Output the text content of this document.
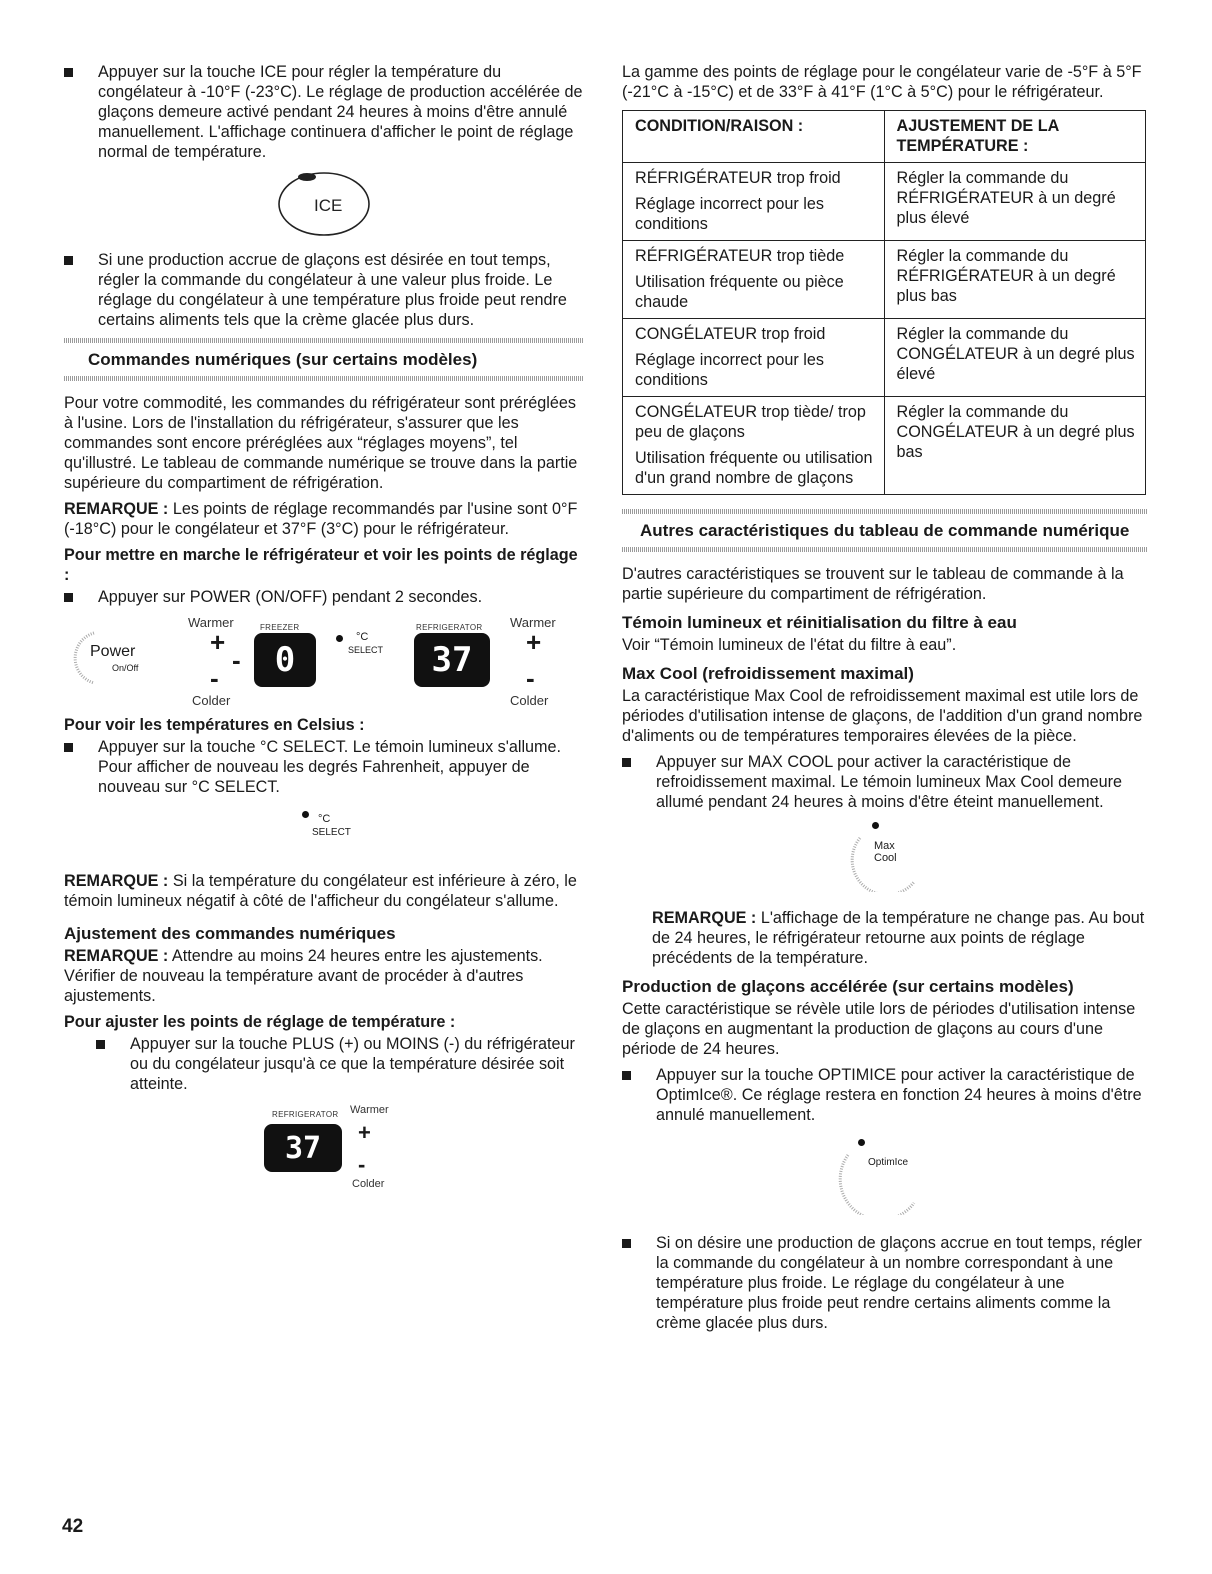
Appuyer sur la touche ICE pour régler la température du congélateur à -10°F (-23°C). Le réglage de production accélérée de glaçons demeure activé pendant 24 heures à moins d'être annulé manuellement. L'affichage continuera d'afficher le point de réglage normal de température.
ICE
Si une production accrue de glaçons est désirée en tout temps, régler la commande du congélateur à une valeur plus froide. Le réglage du congélateur à une température plus froide peut rendre certains aliments tels que la crème glacée plus durs.
Commandes numériques (sur certains modèles)

Pour votre commodité, les commandes du réfrigérateur sont préréglées à l'usine. Lors de l'installation du réfrigérateur, s'assurer que les commandes sont encore préréglées aux “réglages moyens”, tel qu'illustré. Le tableau de commande numérique se trouve dans la partie supérieure du compartiment de réfrigération.

REMARQUE : Les points de réglage recommandés par l'usine sont 0°F (-18°C) pour le congélateur et 37°F (3°C) pour le réfrigérateur.

Pour mettre en marche le réfrigérateur et voir les points de réglage :
Appuyer sur POWER (ON/OFF) pendant 2 secondes.
Warmer	FREEZER	REFRIGERATOR Warmer
Power
On/Off
+
-
-	0
°C
SELECT	37	+
-
Colder	Colder
Pour voir les températures en Celsius :
Appuyer sur la touche °C SELECT. Le témoin lumineux s'allume. Pour afficher de nouveau les degrés Fahrenheit, appuyer de nouveau sur °C SELECT.
°C
SELECT

REMARQUE : Si la température du congélateur est inférieure à zéro, le témoin lumineux négatif à côté de l'afficheur du congélateur s'allume.

Ajustement des commandes numériques

REMARQUE : Attendre au moins 24 heures entre les ajustements. Vérifier de nouveau la température avant de procéder à d'autres ajustements.

Pour ajuster les points de réglage de température :
Appuyer sur la touche PLUS (+) ou MOINS (-) du réfrigérateur ou du congélateur jusqu'à ce que la température désirée soit atteinte.
REFRIGERATOR Warmer
37	+
-
Colder

La gamme des points de réglage pour le congélateur varie de -5°F à 5°F (-21°C à -15°C) et de 33°F à 41°F (1°C à 5°C) pour le réfrigérateur.

CONDITION/RAISON :	AJUSTEMENT DE LA TEMPÉRATURE :

RÉFRIGÉRATEUR trop froid
Réglage incorrect pour les conditions	Régler la commande du RÉFRIGÉRATEUR à un degré plus élevé

RÉFRIGÉRATEUR trop tiède
Utilisation fréquente ou pièce chaude	Régler la commande du RÉFRIGÉRATEUR à un degré plus bas

CONGÉLATEUR trop froid
Réglage incorrect pour les conditions	Régler la commande du CONGÉLATEUR à un degré plus élevé

CONGÉLATEUR trop tiède/ trop peu de glaçons
Utilisation fréquente ou utilisation d'un grand nombre de glaçons	Régler la commande du CONGÉLATEUR à un degré plus bas
Autres caractéristiques du tableau de commande numérique

D'autres caractéristiques se trouvent sur le tableau de commande à la partie supérieure du compartiment de réfrigération.

Témoin lumineux et réinitialisation du filtre à eau

Voir “Témoin lumineux de l'état du filtre à eau”.

Max Cool (refroidissement maximal)

La caractéristique Max Cool de refroidissement maximal est utile lors de périodes d'utilisation intense de glaçons, de l'addition d'un grand nombre d'aliments ou de températures temporaires élevées de la pièce.

Appuyer sur MAX COOL pour activer la caractéristique de refroidissement maximal. Le témoin lumineux Max Cool demeure allumé pendant 24 heures à moins d'être éteint manuellement.
Max
Cool

REMARQUE : L'affichage de la température ne change pas. Au bout de 24 heures, le réfrigérateur retourne aux points de réglage précédents de la température.

Production de glaçons accélérée (sur certains modèles)

Cette caractéristique se révèle utile lors de périodes d'utilisation intense de glaçons en augmentant la production de glaçons au cours d'une période de 24 heures.

Appuyer sur la touche OPTIMICE pour activer la caractéristique de OptimIce®. Ce réglage restera en fonction 24 heures à moins d'être annulé manuellement.
OptimIce
Si on désire une production de glaçons accrue en tout temps, régler la commande du congélateur à un nombre correspondant à une température plus froide. Le réglage du congélateur à une température plus froide peut rendre certains aliments comme la crème glacée plus durs.
42
